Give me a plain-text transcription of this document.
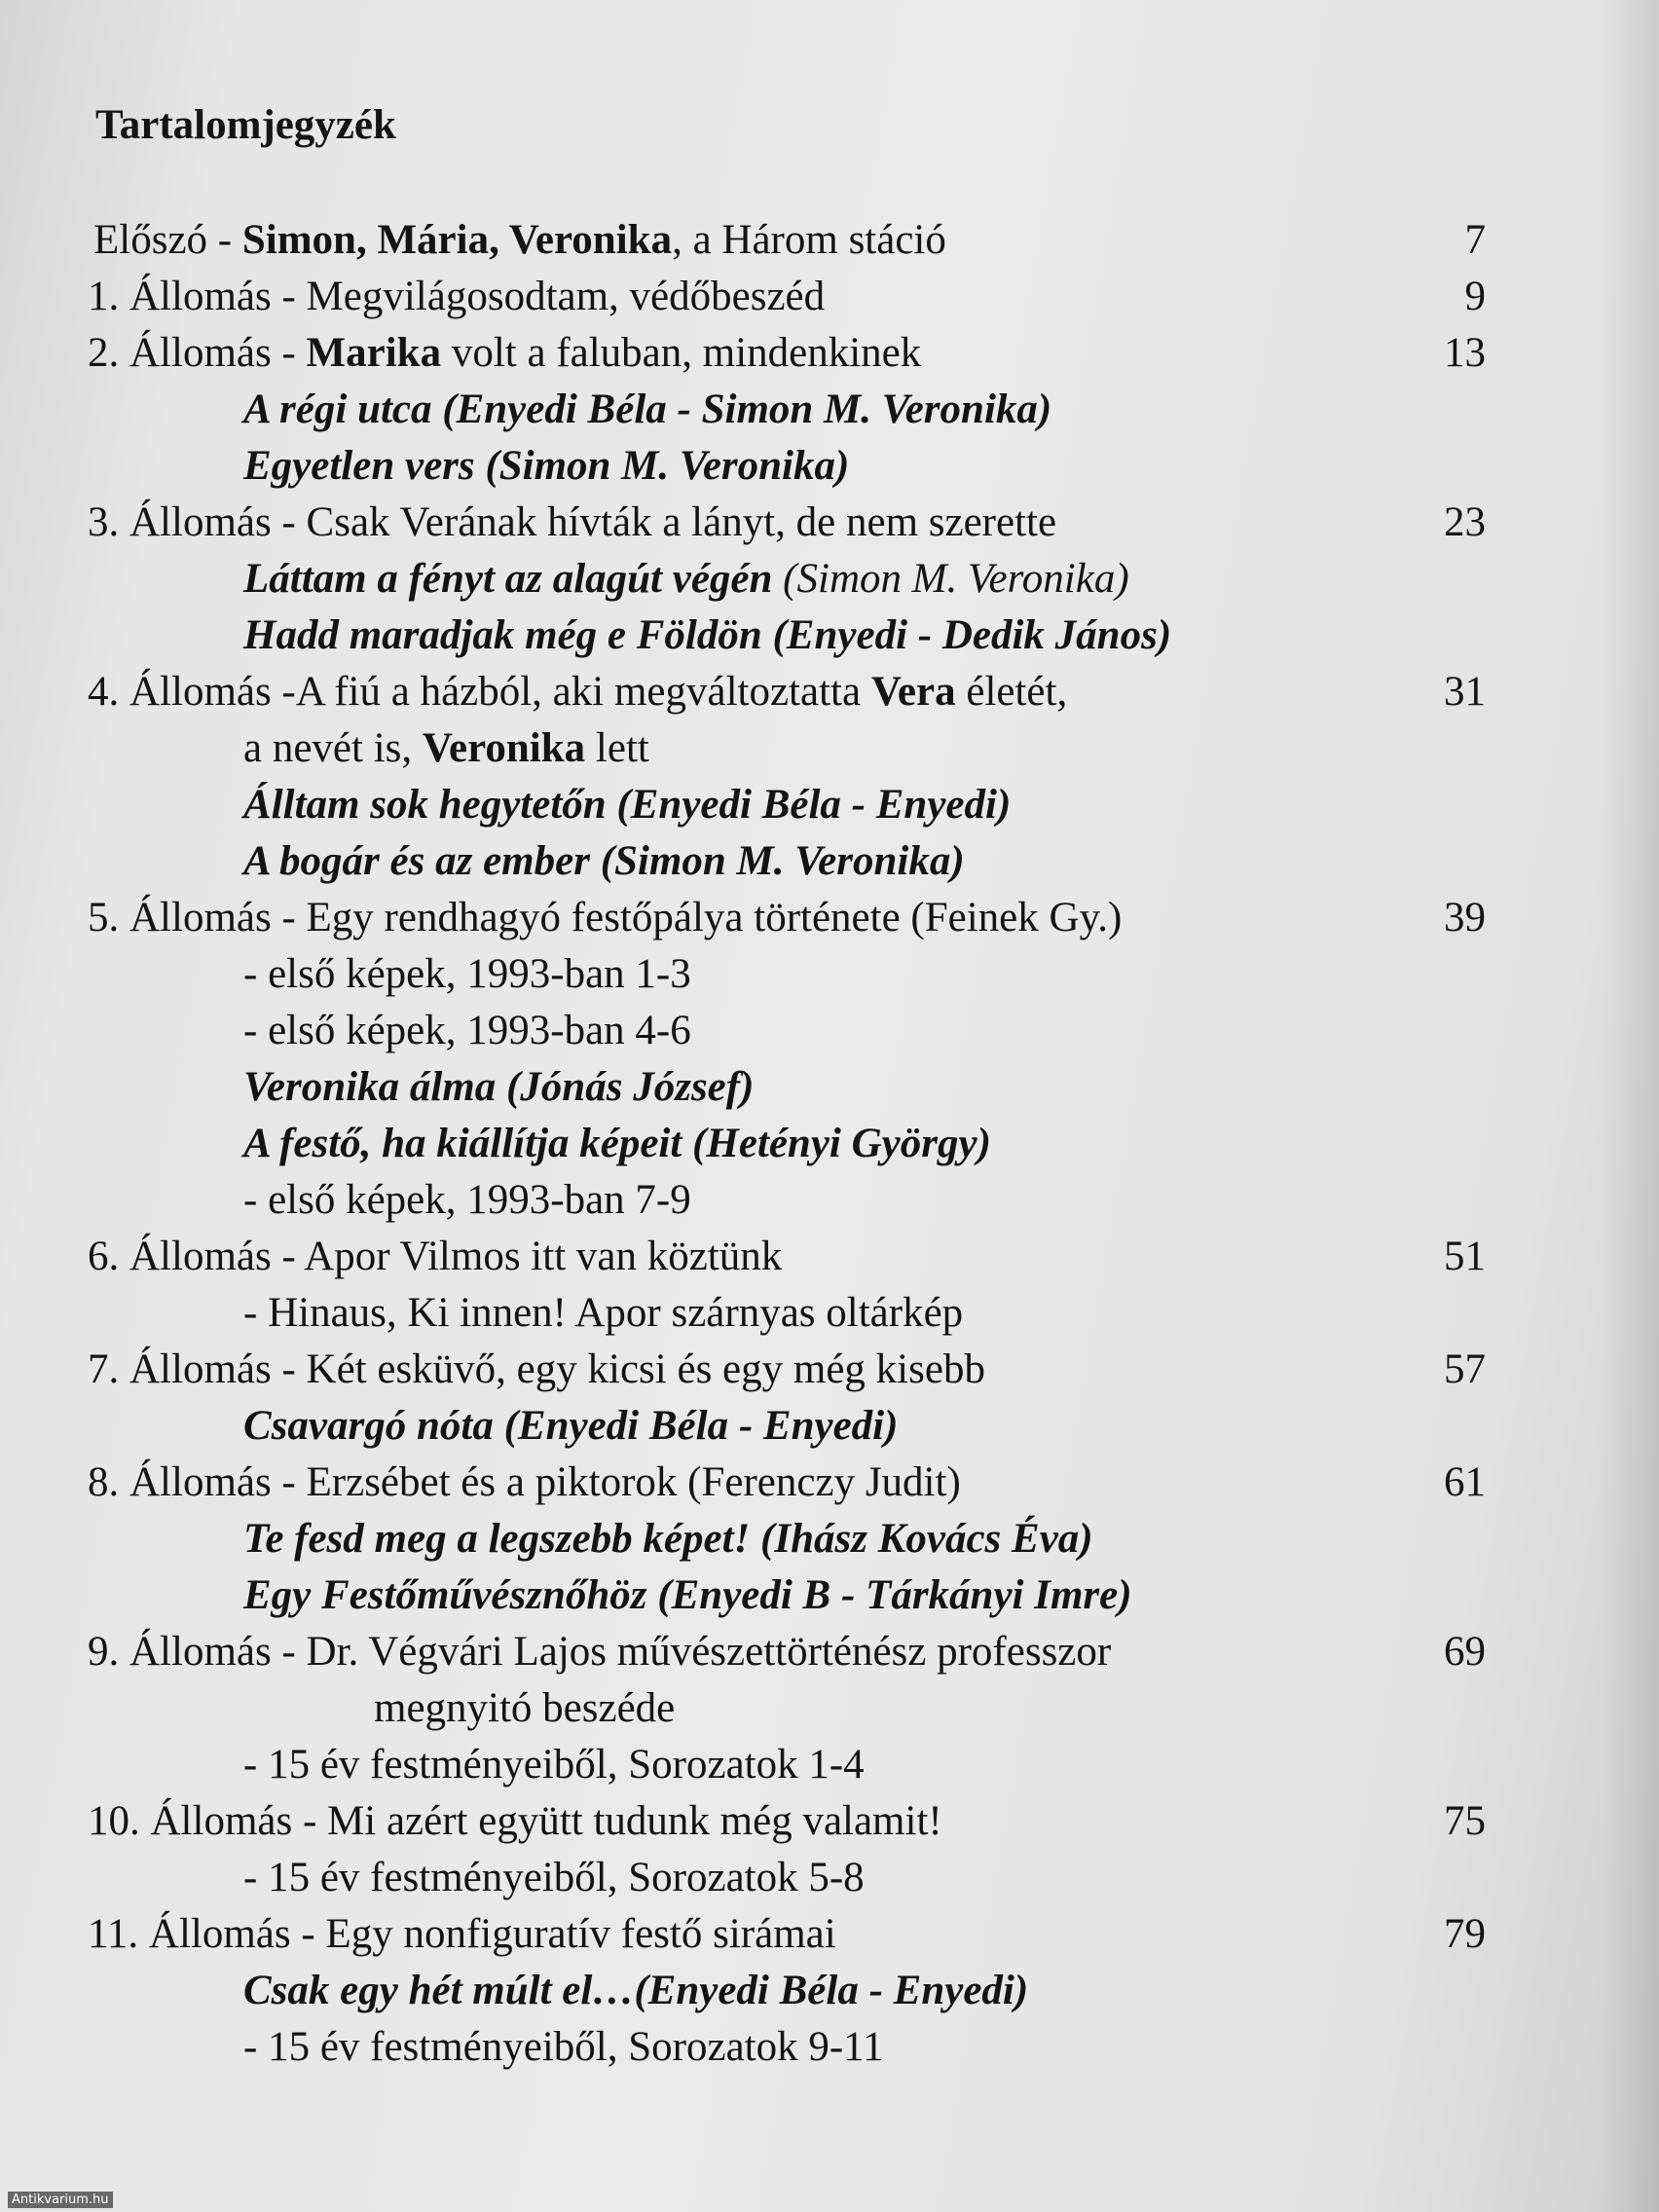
Tartalomjegyzék
Előszó - Simon, Mária, Veronika, a Három stáció	7
1. Állomás - Megvilágosodtam, védőbeszéd	9
2. Állomás - Marika volt a faluban, mindenkinek	13
A régi utca (Enyedi Béla - Simon M. Veronika)
Egyetlen vers (Simon M. Veronika)
3. Állomás - Csak Verának hívták a lányt, de nem szerette	23
Láttam a fényt az alagút végén (Simon M. Veronika)
Hadd maradjak még e Földön (Enyedi - Dedik János)
4. Állomás -A fiú a házból, aki megváltoztatta Vera életét,	31
a nevét is, Veronika lett
Álltam sok hegytetőn (Enyedi Béla - Enyedi)
A bogár és az ember (Simon M. Veronika)
5. Állomás - Egy rendhagyó festőpálya története (Feinek Gy.)	39
- első képek, 1993-ban 1-3
- első képek, 1993-ban 4-6
Veronika álma (Jónás József)
A festő, ha kiállítja képeit (Hetényi György)
- első képek, 1993-ban 7-9
6. Állomás - Apor Vilmos itt van köztünk	51
- Hinaus, Ki innen! Apor szárnyas oltárkép
7. Állomás - Két esküvő, egy kicsi és egy még kisebb	57
Csavargó nóta (Enyedi Béla - Enyedi)
8. Állomás - Erzsébet és a piktorok (Ferenczy Judit)	61
Te fesd meg a legszebb képet! (Ihász Kovács Éva)
Egy Festőművésznőhöz (Enyedi B - Tárkányi Imre)
9. Állomás - Dr. Végvári Lajos művészettörténész professzor	69
megnyitó beszéde
- 15 év festményeiből, Sorozatok 1-4
10. Állomás - Mi azért együtt tudunk még valamit!	75
- 15 év festményeiből, Sorozatok 5-8
11. Állomás - Egy nonfiguratív festő sirámai	79
Csak egy hét múlt el…(Enyedi Béla - Enyedi)
- 15 év festményeiből, Sorozatok 9-11
Antikvarium.hu
